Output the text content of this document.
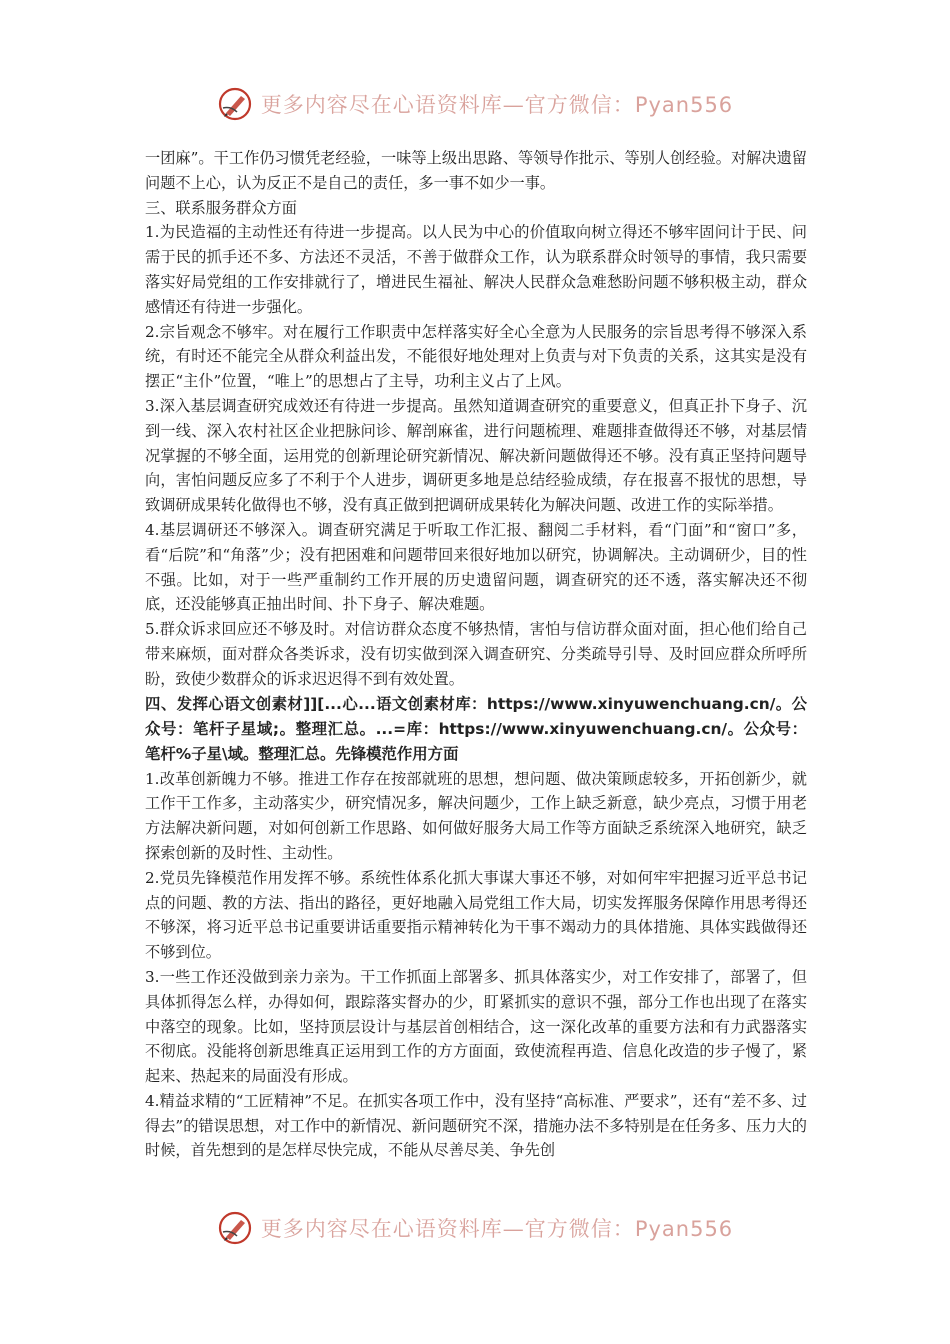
更多内容尽在心语资料库—官方微信：Pyan556

一团麻”。干工作仍习惯凭老经验，一味等上级出思路、等领导作批示、等别人创经验。对解决遗留问题不上心，认为反正不是自己的责任，多一事不如少一事。

三、联系服务群众方面

1.为民造福的主动性还有待进一步提高。以人民为中心的价值取向树立得还不够牢固问计于民、问需于民的抓手还不多、方法还不灵活，不善于做群众工作，认为联系群众时领导的事情，我只需要落实好局党组的工作安排就行了，增进民生福祉、解决人民群众急难愁盼问题不够积极主动，群众感情还有待进一步强化。

2.宗旨观念不够牢。对在履行工作职责中怎样落实好全心全意为人民服务的宗旨思考得不够深入系统，有时还不能完全从群众利益出发，不能很好地处理对上负责与对下负责的关系，这其实是没有摆正“主仆”位置，“唯上”的思想占了主导，功利主义占了上风。

3.深入基层调查研究成效还有待进一步提高。虽然知道调查研究的重要意义，但真正扑下身子、沉到一线、深入农村社区企业把脉问诊、解剖麻雀，进行问题梳理、难题排查做得还不够，对基层情况掌握的不够全面，运用党的创新理论研究新情况、解决新问题做得还不够。没有真正坚持问题导向，害怕问题反应多了不利于个人进步，调研更多地是总结经验成绩，存在报喜不报忧的思想，导致调研成果转化做得也不够，没有真正做到把调研成果转化为解决问题、改进工作的实际举措。

4.基层调研还不够深入。调查研究满足于听取工作汇报、翻阅二手材料，看“门面”和“窗口”多，看“后院”和“角落”少；没有把困难和问题带回来很好地加以研究，协调解决。主动调研少，目的性不强。比如，对于一些严重制约工作开展的历史遗留问题，调查研究的还不透，落实解决还不彻底，还没能够真正抽出时间、扑下身子、解决难题。

5.群众诉求回应还不够及时。对信访群众态度不够热情，害怕与信访群众面对面，担心他们给自己带来麻烦，面对群众各类诉求，没有切实做到深入调查研究、分类疏导引导、及时回应群众所呼所盼，致使少数群众的诉求迟迟得不到有效处置。

四、发挥心语文创素材]][...心...语文创素材库：https://www.xinyuwenchuang.cn/。公众号：笔杆子星域;。整理汇总。...=库：https://www.xinyuwenchuang.cn/。公众号：笔杆%子星\域。整理汇总。先锋模范作用方面

1.改革创新魄力不够。推进工作存在按部就班的思想，想问题、做决策顾虑较多，开拓创新少，就工作干工作多，主动落实少，研究情况多，解决问题少，工作上缺乏新意，缺少亮点，习惯于用老方法解决新问题，对如何创新工作思路、如何做好服务大局工作等方面缺乏系统深入地研究，缺乏探索创新的及时性、主动性。

2.党员先锋模范作用发挥不够。系统性体系化抓大事谋大事还不够，对如何牢牢把握习近平总书记点的问题、教的方法、指出的路径，更好地融入局党组工作大局，切实发挥服务保障作用思考得还不够深，将习近平总书记重要讲话重要指示精神转化为干事不竭动力的具体措施、具体实践做得还不够到位。

3.一些工作还没做到亲力亲为。干工作抓面上部署多、抓具体落实少，对工作安排了，部署了，但具体抓得怎么样，办得如何，跟踪落实督办的少，盯紧抓实的意识不强，部分工作也出现了在落实中落空的现象。比如，坚持顶层设计与基层首创相结合，这一深化改革的重要方法和有力武器落实不彻底。没能将创新思维真正运用到工作的方方面面，致使流程再造、信息化改造的步子慢了，紧起来、热起来的局面没有形成。

4.精益求精的“工匠精神”不足。在抓实各项工作中，没有坚持“高标准、严要求”，还有“差不多、过得去”的错误思想，对工作中的新情况、新问题研究不深，措施办法不多特别是在任务多、压力大的时候，首先想到的是怎样尽快完成，不能从尽善尽美、争先创

更多内容尽在心语资料库—官方微信：Pyan556
